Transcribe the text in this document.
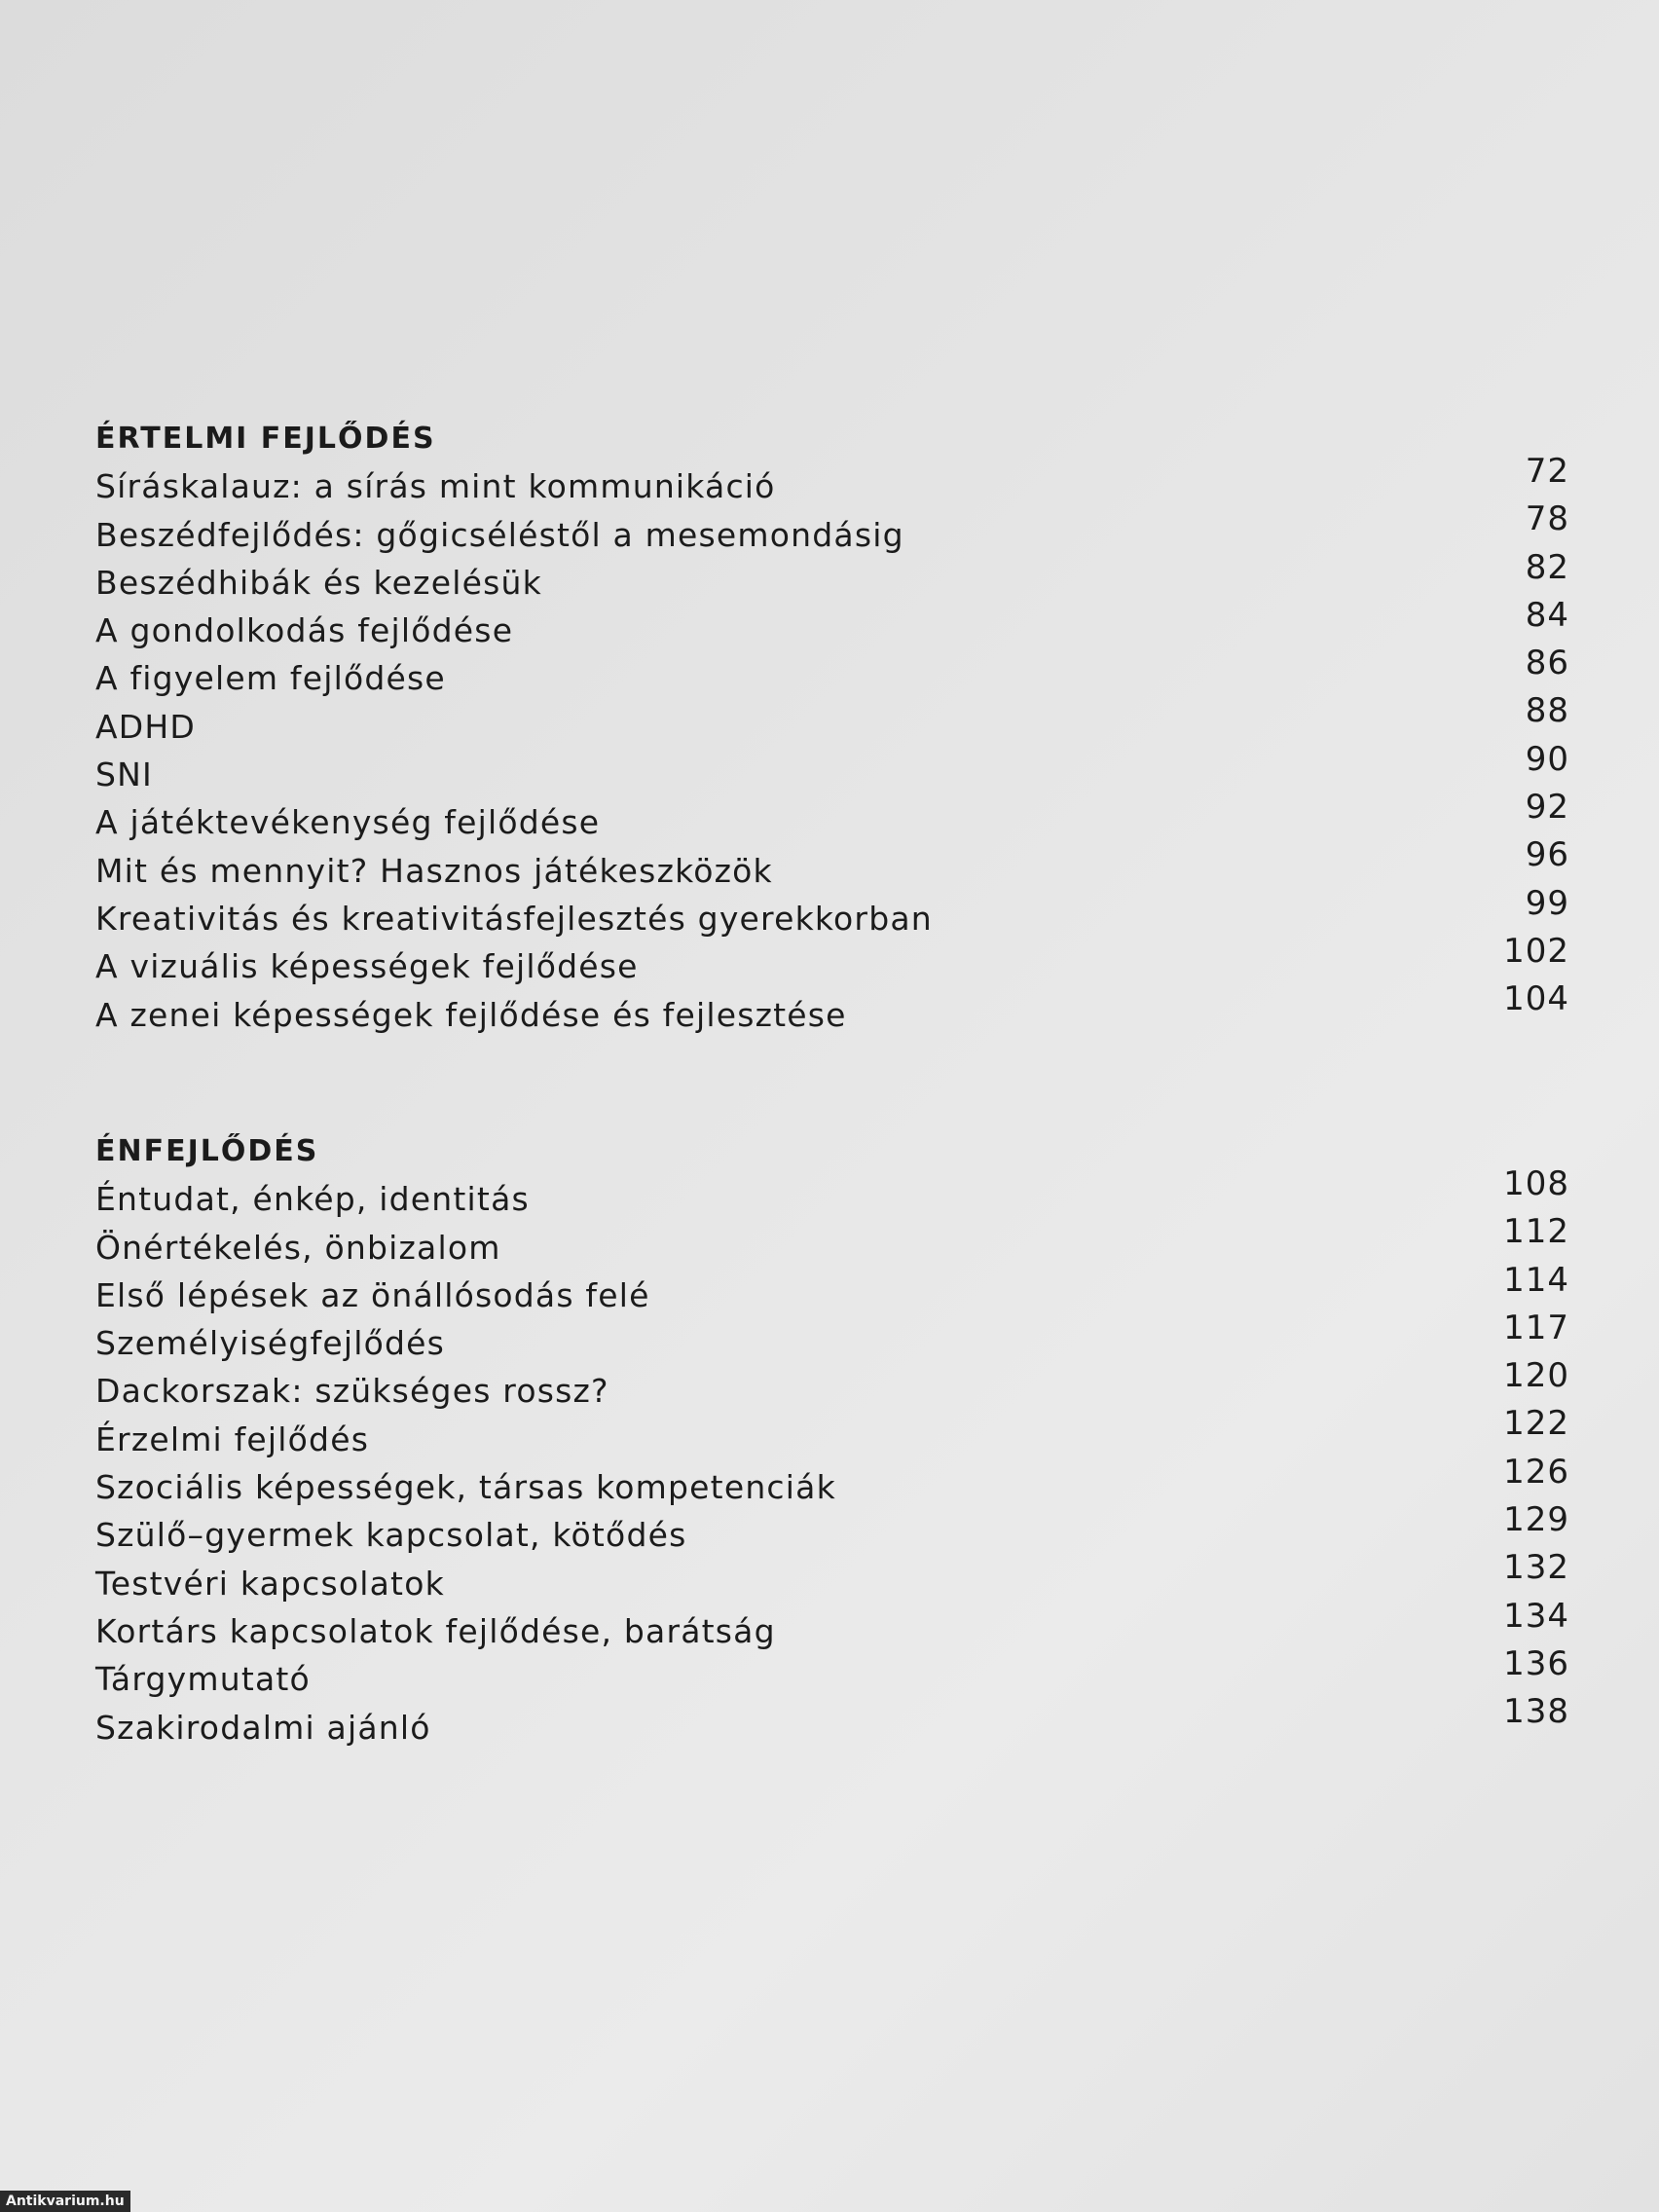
ÉRTELMI FEJLŐDÉS
Síráskalauz: a sírás mint kommunikáció	72
Beszédfejlődés: gőgicséléstől a mesemondásig	78
Beszédhibák és kezelésük	82
A gondolkodás fejlődése	84
A figyelem fejlődése	86
ADHD	88
SNI	90
A játéktevékenység fejlődése	92
Mit és mennyit? Hasznos játékeszközök	96
Kreativitás és kreativitásfejlesztés gyerekkorban	99
A vizuális képességek fejlődése	102
A zenei képességek fejlődése és fejlesztése	104
ÉNFEJLŐDÉS
Éntudat, énkép, identitás	108
Önértékelés, önbizalom	112
Első lépések az önállósodás felé	114
Személyiségfejlődés	117
Dackorszak: szükséges rossz?	120
Érzelmi fejlődés	122
Szociális képességek, társas kompetenciák	126
Szülő–gyermek kapcsolat, kötődés	129
Testvéri kapcsolatok	132
Kortárs kapcsolatok fejlődése, barátság	134
Tárgymutató	136
Szakirodalmi ajánló	138
Antikvarium.hu
